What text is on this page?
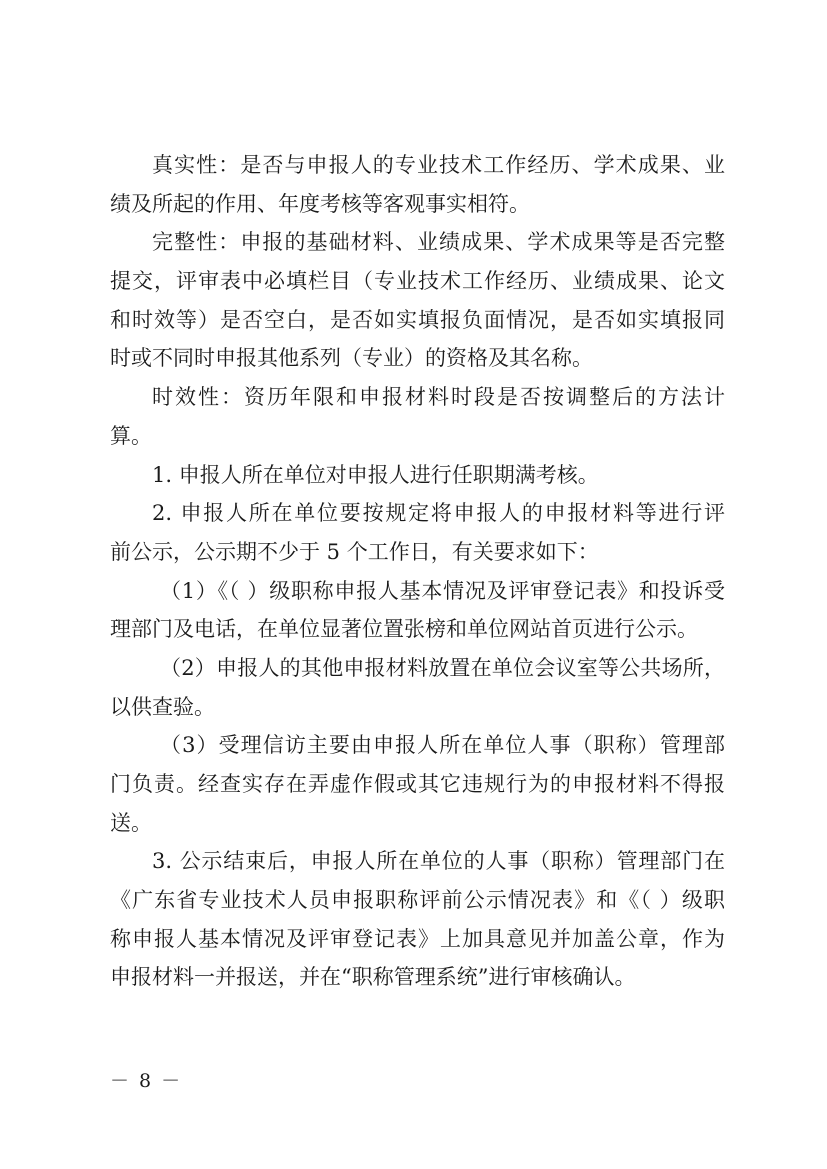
真实性：是否与申报人的专业技术工作经历、学术成果、业
绩及所起的作用、年度考核等客观事实相符。
完整性：申报的基础材料、业绩成果、学术成果等是否完整
提交，评审表中必填栏目（专业技术工作经历、业绩成果、论文
和时效等）是否空白，是否如实填报负面情况，是否如实填报同
时或不同时申报其他系列（专业）的资格及其名称。
时效性：资历年限和申报材料时段是否按调整后的方法计
算。
1. 申报人所在单位对申报人进行任职期满考核。
2. 申报人所在单位要按规定将申报人的申报材料等进行评
前公示，公示期不少于 5 个工作日，有关要求如下：
（1）《（ ）级职称申报人基本情况及评审登记表》和投诉受
理部门及电话，在单位显著位置张榜和单位网站首页进行公示。
（2）申报人的其他申报材料放置在单位会议室等公共场所，
以供查验。
（3）受理信访主要由申报人所在单位人事（职称）管理部
门负责。经查实存在弄虚作假或其它违规行为的申报材料不得报
送。
3. 公示结束后，申报人所在单位的人事（职称）管理部门在
《广东省专业技术人员申报职称评前公示情况表》和《（ ）级职
称申报人基本情况及评审登记表》上加具意见并加盖公章，作为
申报材料一并报送，并在“职称管理系统”进行审核确认。
－ 8 －
